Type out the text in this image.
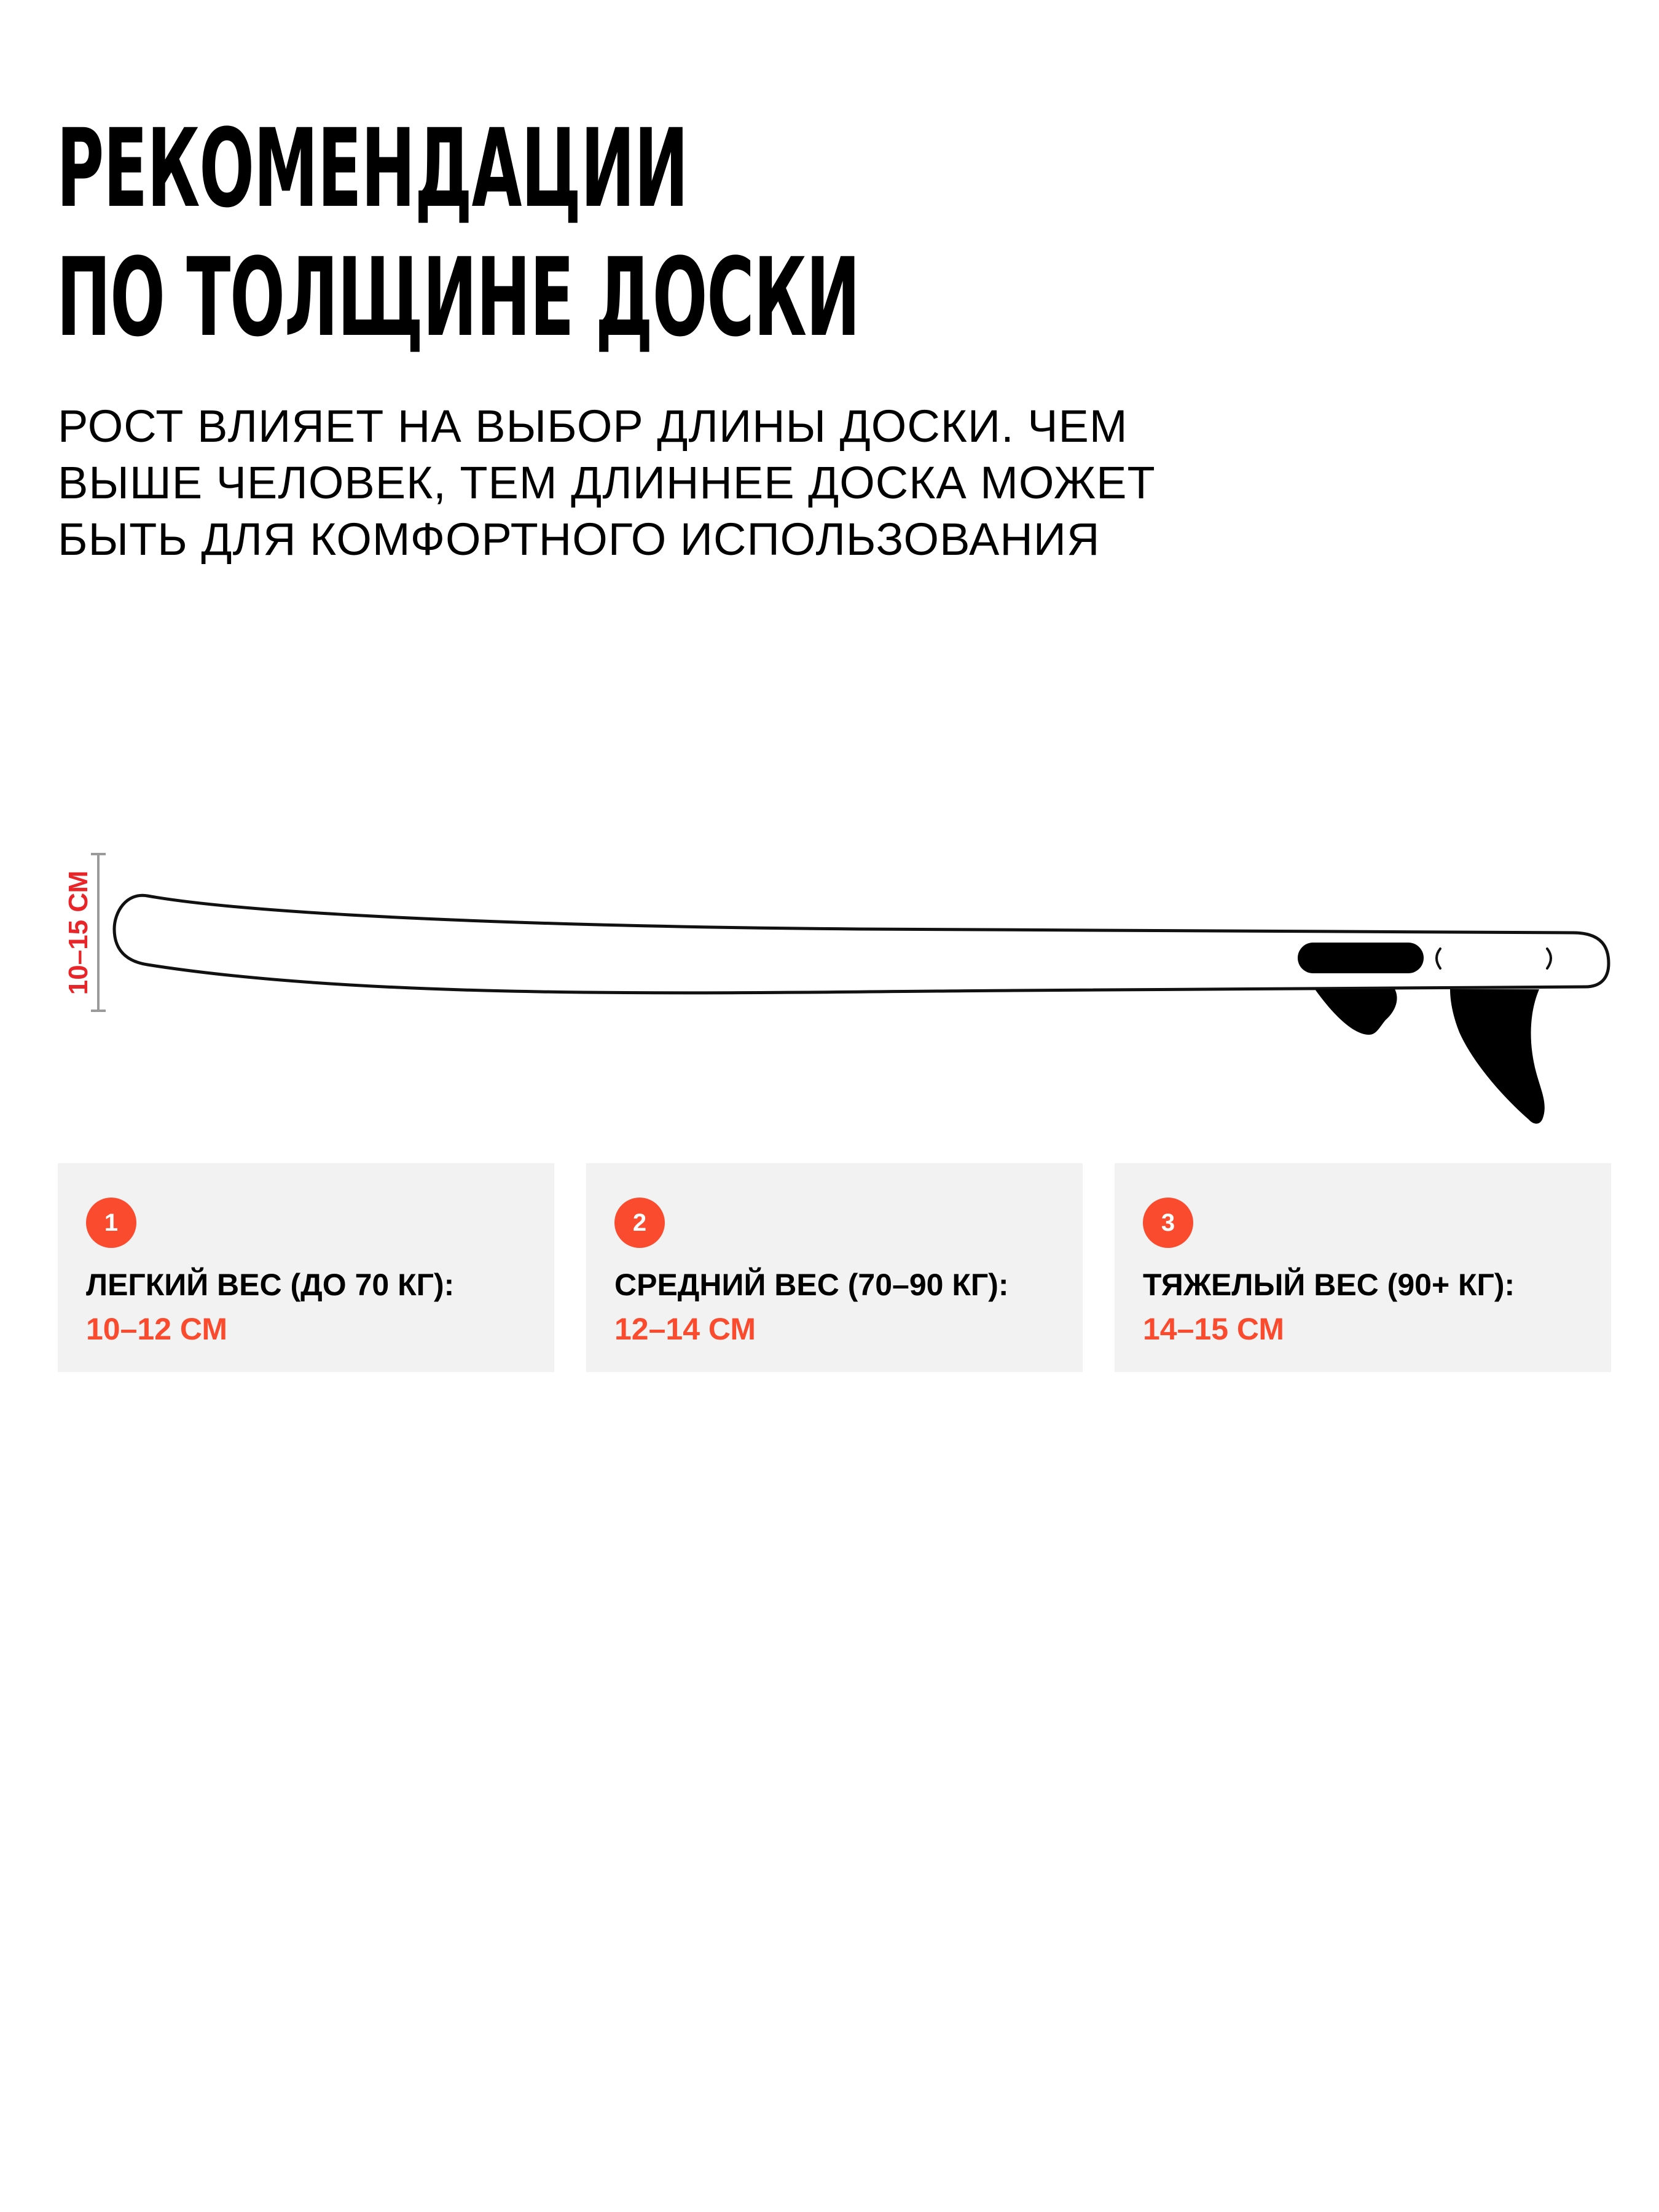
РЕКОМЕНДАЦИИ
ПО ТОЛЩИНЕ ДОСКИ

РОСТ ВЛИЯЕТ НА ВЫБОР ДЛИНЫ ДОСКИ. ЧЕМ
ВЫШЕ ЧЕЛОВЕК, ТЕМ ДЛИННЕЕ ДОСКА МОЖЕТ
БЫТЬ ДЛЯ КОМФОРТНОГО ИСПОЛЬЗОВАНИЯ

10–15 СМ
1
ЛЕГКИЙ ВЕС (ДО 70 КГ):
10–12 СМ
2
СРЕДНИЙ ВЕС (70–90 КГ):
12–14 СМ
3
ТЯЖЕЛЫЙ ВЕС (90+ КГ):
14–15 СМ
